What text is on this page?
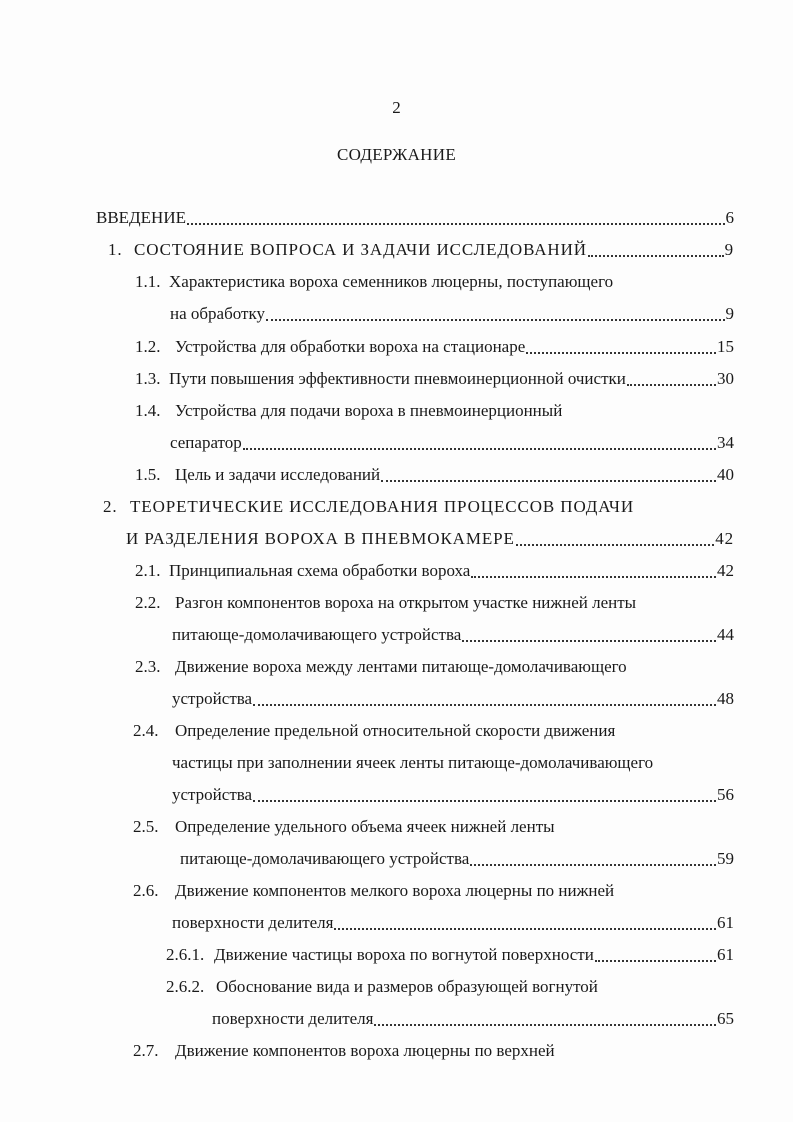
2
СОДЕРЖАНИЕ
ВВЕДЕНИЕ	6
1. СОСТОЯНИЕ ВОПРОСА И ЗАДАЧИ ИССЛЕДОВАНИЙ	9
1.1. Характеристика вороха семенников люцерны, поступающего
на обработку	9
1.2. Устройства для обработки вороха на стационаре	15
1.3. Пути повышения эффективности пневмоинерционной очистки	30
1.4. Устройства для подачи вороха в пневмоинерционный
сепаратор	34
1.5. Цель и задачи исследований	40
2. ТЕОРЕТИЧЕСКИЕ ИССЛЕДОВАНИЯ ПРОЦЕССОВ ПОДАЧИ
И РАЗДЕЛЕНИЯ ВОРОХА В ПНЕВМОКАМЕРЕ	42
2.1. Принципиальная схема обработки вороха	42
2.2. Разгон компонентов вороха на открытом участке нижней ленты
питающе-домолачивающего устройства	44
2.3. Движение вороха между лентами питающе-домолачивающего
устройства	48
2.4. Определение предельной относительной скорости движения
частицы при заполнении ячеек ленты питающе-домолачивающего
устройства	56
2.5. Определение удельного объема ячеек нижней ленты
питающе-домолачивающего устройства	59
2.6. Движение компонентов мелкого вороха люцерны по нижней
поверхности делителя	61
2.6.1. Движение частицы вороха по вогнутой поверхности	61
2.6.2. Обоснование вида и размеров образующей вогнутой
поверхности делителя	65
2.7. Движение компонентов вороха люцерны по верхней
